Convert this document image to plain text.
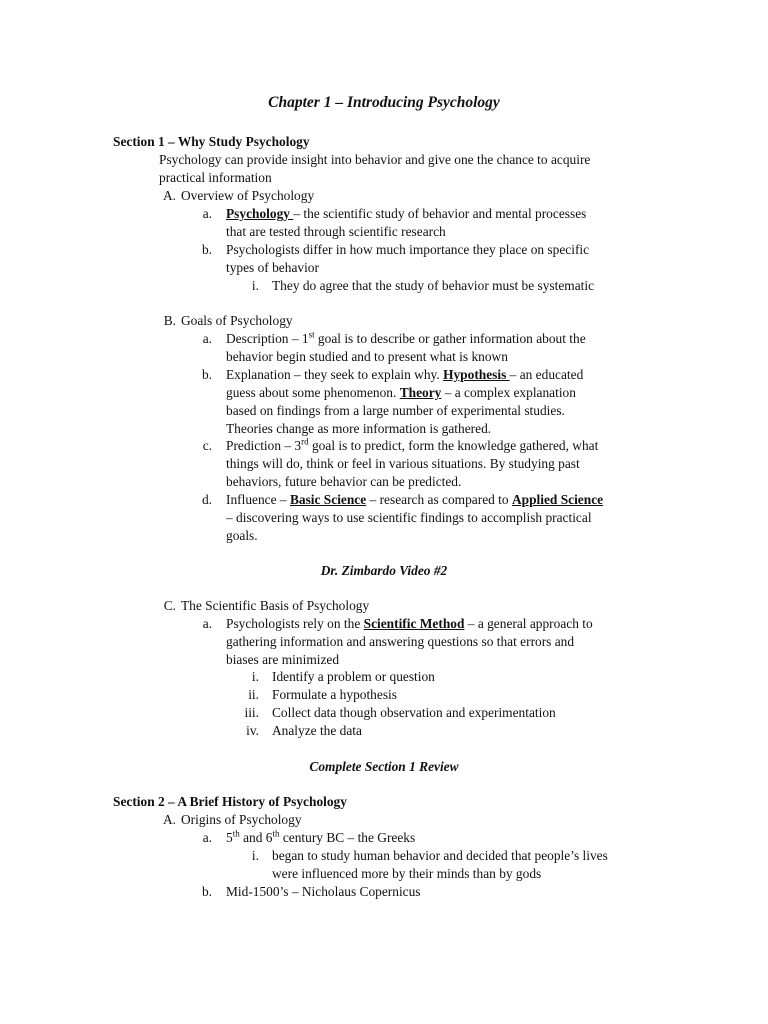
Chapter 1 – Introducing Psychology
Section 1 – Why Study Psychology
Psychology can provide insight into behavior and give one the chance to acquire
practical information
A. Overview of Psychology
a. Psychology – the scientific study of behavior and mental processes
that are tested through scientific research
b. Psychologists differ in how much importance they place on specific
types of behavior
i. They do agree that the study of behavior must be systematic
B. Goals of Psychology
a. Description – 1st goal is to describe or gather information about the
behavior begin studied and to present what is known
b. Explanation – they seek to explain why. Hypothesis – an educated
guess about some phenomenon. Theory – a complex explanation
based on findings from a large number of experimental studies.
Theories change as more information is gathered.
c. Prediction – 3rd goal is to predict, form the knowledge gathered, what
things will do, think or feel in various situations. By studying past
behaviors, future behavior can be predicted.
d. Influence – Basic Science – research as compared to Applied Science
– discovering ways to use scientific findings to accomplish practical
goals.
Dr. Zimbardo Video #2
C. The Scientific Basis of Psychology
a. Psychologists rely on the Scientific Method – a general approach to
gathering information and answering questions so that errors and
biases are minimized
i. Identify a problem or question
ii. Formulate a hypothesis
iii. Collect data though observation and experimentation
iv. Analyze the data
Complete Section 1 Review
Section 2 – A Brief History of Psychology
A. Origins of Psychology
a. 5th and 6th century BC – the Greeks
i. began to study human behavior and decided that people’s lives
were influenced more by their minds than by gods
b. Mid-1500’s – Nicholaus Copernicus
